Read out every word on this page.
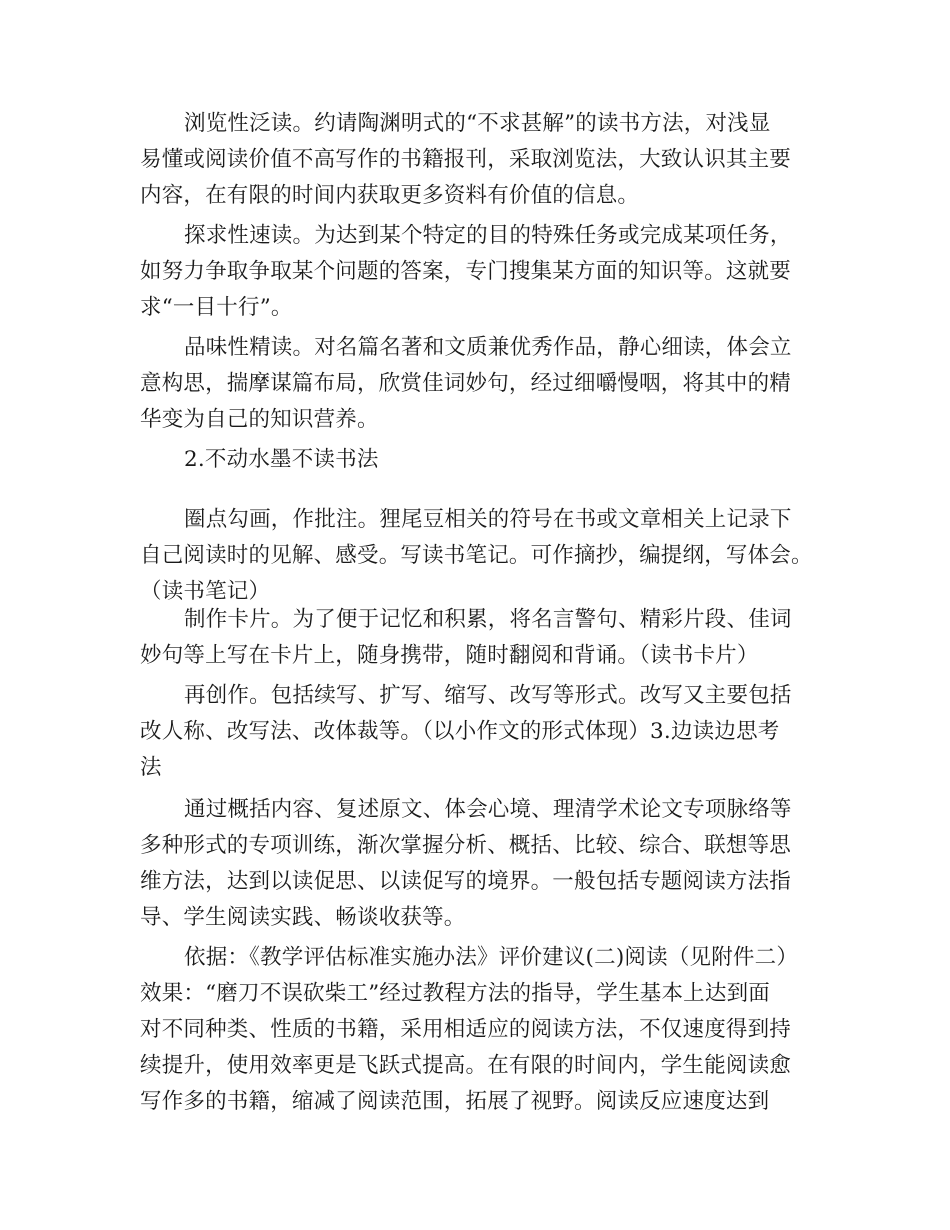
浏览性泛读。约请陶渊明式的“不求甚解”的读书方法，对浅显
易懂或阅读价值不高写作的书籍报刊，采取浏览法，大致认识其主要
内容，在有限的时间内获取更多资料有价值的信息。
探求性速读。为达到某个特定的目的特殊任务或完成某项任务，
如努力争取争取某个问题的答案，专门搜集某方面的知识等。这就要
求“一目十行”。
品味性精读。对名篇名著和文质兼优秀作品，静心细读，体会立
意构思，揣摩谋篇布局，欣赏佳词妙句，经过细嚼慢咽，将其中的精
华变为自己的知识营养。
2.不动水墨不读书法
圈点勾画，作批注。狸尾豆相关的符号在书或文章相关上记录下
自己阅读时的见解、感受。写读书笔记。可作摘抄，编提纲，写体会。
（读书笔记）
制作卡片。为了便于记忆和积累，将名言警句、精彩片段、佳词
妙句等上写在卡片上，随身携带，随时翻阅和背诵。（读书卡片）
再创作。包括续写、扩写、缩写、改写等形式。改写又主要包括
改人称、改写法、改体裁等。（以小作文的形式体现）3.边读边思考
法
通过概括内容、复述原文、体会心境、理清学术论文专项脉络等
多种形式的专项训练，渐次掌握分析、概括、比较、综合、联想等思
维方法，达到以读促思、以读促写的境界。一般包括专题阅读方法指
导、学生阅读实践、畅谈收获等。
依据：《教学评估标准实施办法》评价建议(二)阅读（见附件二）
效果：“磨刀不误砍柴工”经过教程方法的指导，学生基本上达到面
对不同种类、性质的书籍，采用相适应的阅读方法，不仅速度得到持
续提升，使用效率更是飞跃式提高。在有限的时间内，学生能阅读愈
写作多的书籍，缩减了阅读范围，拓展了视野。阅读反应速度达到
